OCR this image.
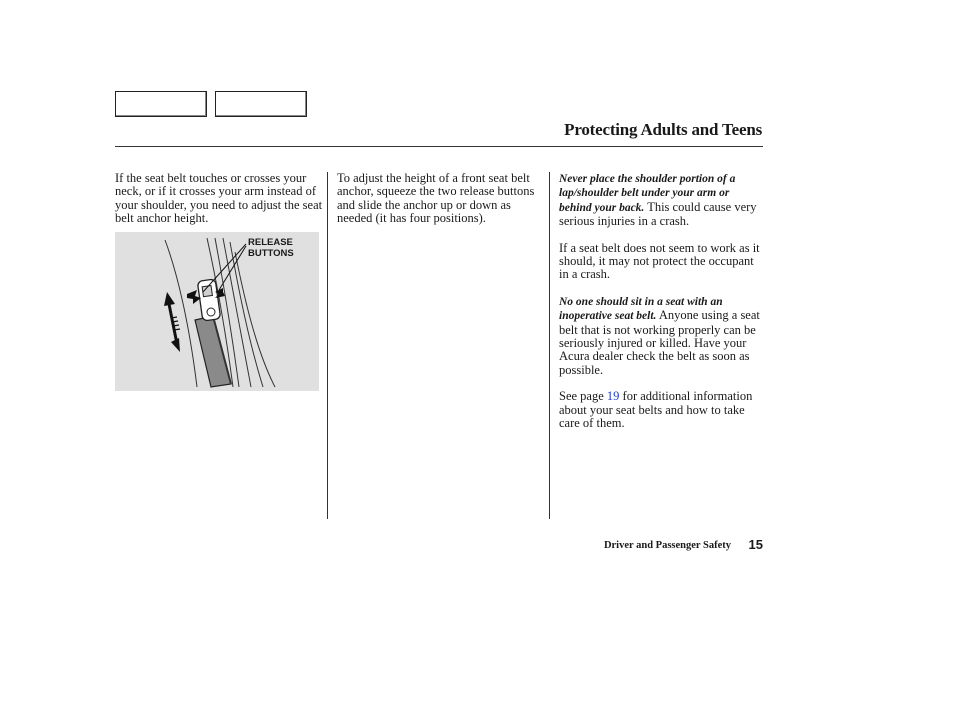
Protecting Adults and Teens

If the seat belt touches or crosses your neck, or if it crosses your arm instead of your shoulder, you need to adjust the seat belt anchor height.

RELEASE
BUTTONS

To adjust the height of a front seat belt anchor, squeeze the two release buttons and slide the anchor up or down as needed (it has four positions).

Never place the shoulder portion of a lap/shoulder belt under your arm or behind your back. This could cause very serious injuries in a crash.

If a seat belt does not seem to work as it should, it may not protect the occupant in a crash.

No one should sit in a seat with an inoperative seat belt. Anyone using a seat belt that is not working properly can be seriously injured or killed. Have your Acura dealer check the belt as soon as possible.

See page 19 for additional information about your seat belts and how to take care of them.

Driver and Passenger Safety 15
